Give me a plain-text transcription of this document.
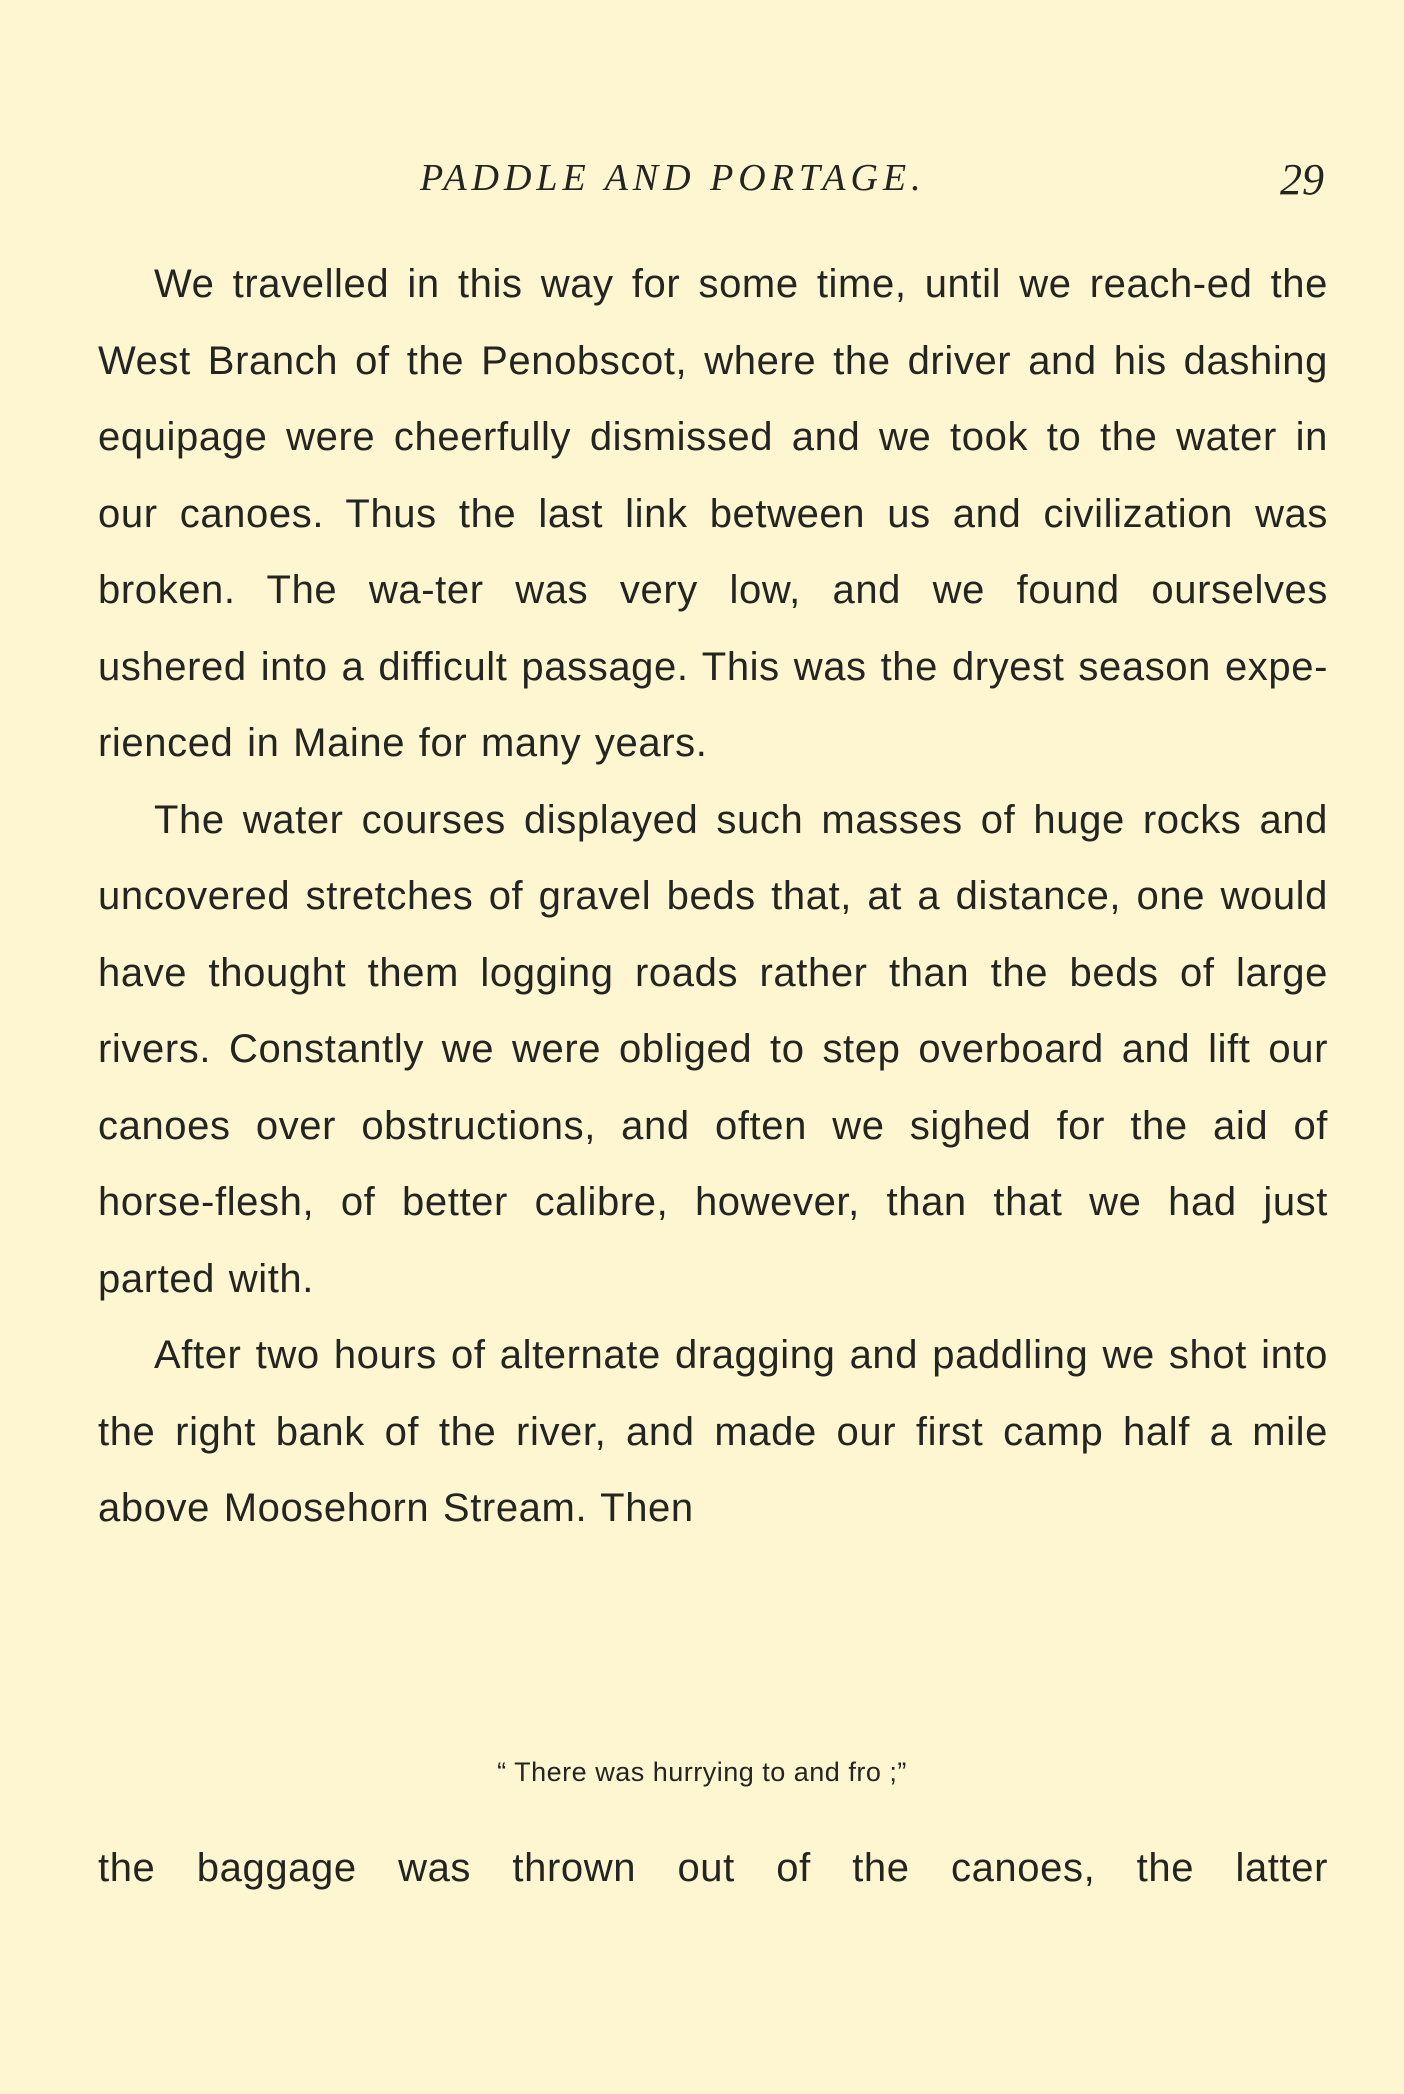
PADDLE AND PORTAGE.	29

We travelled in this way for some time, until we reach-ed the West Branch of the Penobscot, where the driver and his dashing equipage were cheerfully dismissed and we took to the water in our canoes. Thus the last link between us and civilization was broken. The wa-ter was very low, and we found ourselves ushered into a difficult passage. This was the dryest season expe-rienced in Maine for many years.

The water courses displayed such masses of huge rocks and uncovered stretches of gravel beds that, at a distance, one would have thought them logging roads rather than the beds of large rivers. Constantly we were obliged to step overboard and lift our canoes over obstructions, and often we sighed for the aid of horse-flesh, of better calibre, however, than that we had just parted with.

After two hours of alternate dragging and paddling we shot into the right bank of the river, and made our first camp half a mile above Moosehorn Stream. Then

“ There was hurrying to and fro ;”

the baggage was thrown out of the canoes, the latter
